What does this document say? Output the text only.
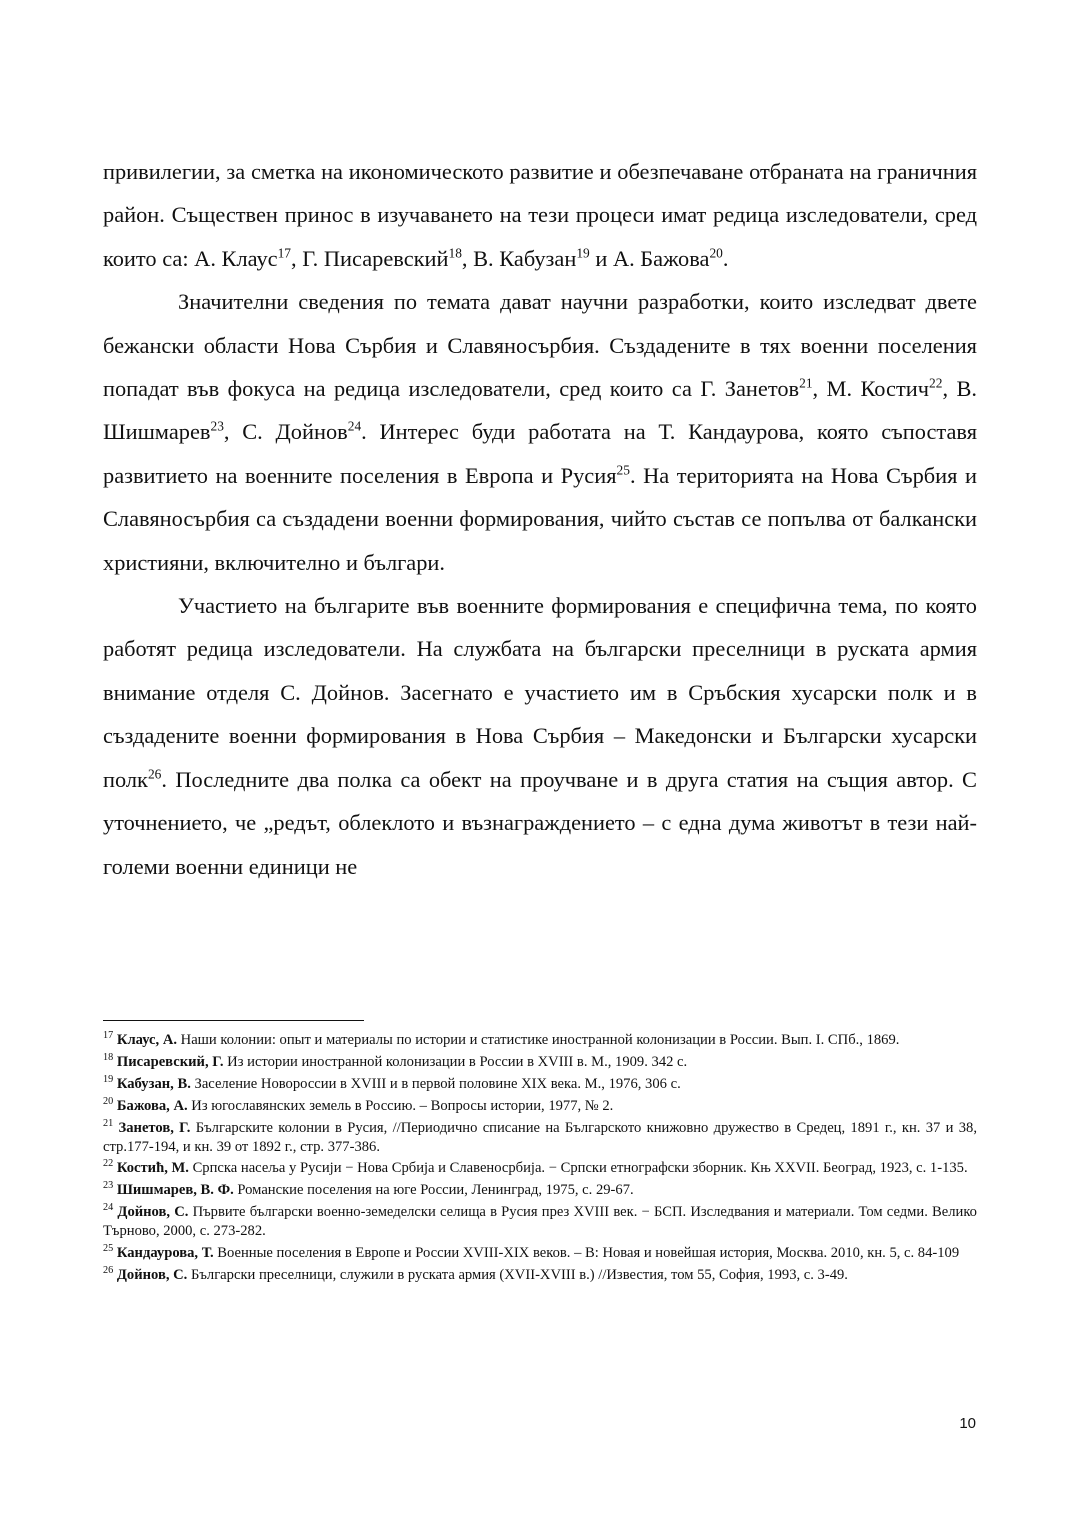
привилегии, за сметка на икономическото развитие и обезпечаване отбраната на граничния район. Съществен принос в изучаването на тези процеси имат редица изследователи, сред които са: А. Клаус$^{17}$, Г. Писаревский$^{18}$, В. Кабузан$^{19}$ и А. Бажова$^{20}$.

Значителни сведения по темата дават научни разработки, които изследват двете бежански области Нова Сърбия и Славяносърбия. Създадените в тях военни поселения попадат във фокуса на редица изследователи, сред които са Г. Занетов$^{21}$, М. Костич$^{22}$, В. Шишмарев$^{23}$, С. Дойнов$^{24}$. Интерес буди работата на Т. Кандаурова, която съпоставя развитието на военните поселения в Европа и Русия$^{25}$. На територията на Нова Сърбия и Славяносърбия са създадени военни формирования, чийто състав се попълва от балкански християни, включително и българи.

Участието на българите във военните формирования е специфична тема, по която работят редица изследователи. На службата на български преселници в руската армия внимание отделя С. Дойнов. Засегнато е участието им в Сръбския хусарски полк и в създадените военни формирования в Нова Сърбия – Македонски и Български хусарски полк$^{26}$. Последните два полка са обект на проучване и в друга статия на същия автор. С уточнението, че „редът, облеклото и възнаграждението – с една дума животът в тези най-големи военни единици не

$^{17}$ Клаус, А. Наши колонии: опыт и материалы по истории и статистике иностранной колонизации в России. Вып. I. СПб., 1869.

$^{18}$ Писаревский, Г. Из истории иностранной колонизации в России в XVIII в. М., 1909. 342 с.

$^{19}$ Кабузан, В. Заселение Новороссии в XVIII и в первой половине XIX века. М., 1976, 306 с.

$^{20}$ Бажова, А. Из югославянских земель в Россию. – Вопросы истории, 1977, № 2.

$^{21}$ Занетов, Г. Българските колонии в Русия, //Периодично списание на Българското книжовно дружество в Средец, 1891 г., кн. 37 и 38, стр.177-194, и кн. 39 от 1892 г., стр. 377-386.

$^{22}$ Костић, М. Српска насеља у Русији − Нова Србија и Славеносрбија. − Српски етнографски зборник. Књ XXVII. Београд, 1923, с. 1-135.

$^{23}$ Шишмарев, В. Ф. Романские поселения на юге России, Ленинград, 1975, с. 29-67.

$^{24}$ Дойнов, С. Първите български военно-земеделски селища в Русия през XVIII век. − БСП. Изследвания и материали. Том седми. Велико Търново, 2000, с. 273-282.

$^{25}$ Кандаурова, Т. Военные поселения в Европе и России XVIII-XIX веков. – В: Новая и новейшая история, Москва. 2010, кн. 5, с. 84-109

$^{26}$ Дойнов, С. Български преселници, служили в руската армия (XVII-XVIII в.) //Известия, том 55, София, 1993, с. 3-49.

10
